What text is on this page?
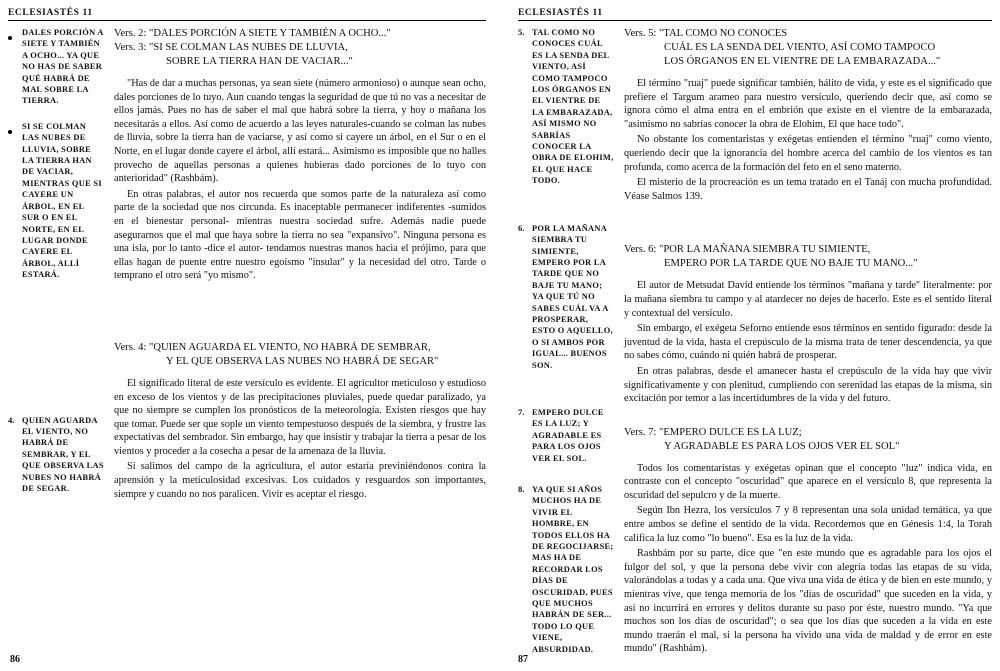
ECLESIASTÉS 11
DALES PORCIÓN A SIETE Y TAMBIÉN A OCHO... YA QUE NO HAS DE SABER QUÉ HABRÁ DE MAL SOBRE LA TIERRA.
SI SE COLMAN LAS NUBES DE LLUVIA, SOBRE LA TIERRA HAN DE VACIAR, MIENTRAS QUE SI CAYERE UN ÁRBOL, EN EL SUR O EN EL NORTE, EN EL LUGAR DONDE CAYERE EL ÁRBOL, ALLÍ ESTARÁ.
4. QUIEN AGUARDA EL VIENTO, NO HABRÁ DE SEMBRAR, Y EL QUE OBSERVA LAS NUBES NO HABRÁ DE SEGAR.
Vers. 2: "DALES PORCIÓN A SIETE Y TAMBIÉN A OCHO..."
Vers. 3: "SI SE COLMAN LAS NUBES DE LLUVIA,
SOBRE LA TIERRA HAN DE VACIAR..."

"Has de dar a muchas personas, ya sean siete (número armonioso) o aunque sean ocho, dales porciones de lo tuyo. Aun cuando tengas la seguridad de que tú no vas a necesitar de ellos jamás. Pues no has de saber el mal que habrá sobre la tierra, y hoy o mañana los necesitarás a ellos. Así como de acuerdo a las leyes naturales-cuando se colman las nubes de lluvia, sobre la tierra han de vaciarse, y así como si cayere un árbol, en el Sur o en el Norte, en el lugar donde cayere el árbol, allí estará... Asimismo es imposible que no halles provecho de aquellas personas a quienes hubieras dado porciones de lo tuyo con anterioridad" (Rashbám).

En otras palabras, el autor nos recuerda que somos parte de la naturaleza así como parte de la sociedad que nos circunda. Es inaceptable permanecer indiferentes -sumidos en el bienestar personal- mientras nuestra sociedad sufre. Además nadie puede asegurarnos que el mal que haya sobre la tierra no sea "expansivo". Ninguna persona es una isla, por lo tanto -dice el autor- tendamos nuestras manos hacia el prójimo, para que ellas hagan de puente entre nuestro egoísmo "insular" y la necesidad del otro. Tarde o temprano el otro será "yo mismo".

Vers. 4: "QUIEN AGUARDA EL VIENTO, NO HABRÁ DE SEMBRAR,
Y EL QUE OBSERVA LAS NUBES NO HABRÁ DE SEGAR"

El significado literal de este versículo es evidente. El agricultor meticuloso y estudioso en exceso de los vientos y de las precipitaciones pluviales, puede quedar paralizado, ya que no siempre se cumplen los pronósticos de la meteorología. Existen riesgos que hay que tomar. Puede ser que sople un viento tempestuoso después de la siembra, y frustre las expectativas del sembrador. Sin embargo, hay que insistir y trabajar la tierra a pesar de los vientos y proceder a la cosecha a pesar de la amenaza de la lluvia.

Si salimos del campo de la agricultura, el autor estaría previniéndonos contra la aprensión y la meticulosidad excesivas. Los cuidados y resguardos son importantes, siempre y cuando no nos paralicen. Vivir es aceptar el riesgo.

86
ECLESIASTÉS 11
5. TAL COMO NO CONOCES CUÁL ES LA SENDA DEL VIENTO, ASÍ COMO TAMPOCO LOS ÓRGANOS EN EL VIENTRE DE LA EMBARAZADA, ASÍ MISMO NO SABRÍAS CONOCER LA OBRA DE ELOHIM, EL QUE HACE TODO.
6. POR LA MAÑANA SIEMBRA TU SIMIENTE, EMPERO POR LA TARDE QUE NO BAJE TU MANO; YA QUE TÚ NO SABES CUÁL VA A PROSPERAR, ESTO O AQUELLO, O SI AMBOS POR IGUAL... BUENOS SON.
7. EMPERO DULCE ES LA LUZ; Y AGRADABLE ES PARA LOS OJOS VER EL SOL.
8. YA QUE SI AÑOS MUCHOS HA DE VIVIR EL HOMBRE, EN TODOS ELLOS HA DE REGOCIJARSE; MAS HA DE RECORDAR LOS DÍAS DE OSCURIDAD, PUES QUE MUCHOS HABRÁN DE SER... TODO LO QUE VIENE, ABSURDIDAD.
Vers. 5: "TAL COMO NO CONOCES
CUÁL ES LA SENDA DEL VIENTO, ASÍ COMO TAMPOCO
LOS ÓRGANOS EN EL VIENTRE DE LA EMBARAZADA..."

El término "ruaj" puede significar también, hálito de vida, y este es el significado que prefiere el Targum arameo para nuestro versículo, queriendo decir que, así como se ignora cómo el alma entra en el embrión que existe en el vientre de la embarazada, "asimismo no sabrías conocer la obra de Elohim, El que hace todo".

No obstante los comentaristas y exégetas entienden el término "ruaj" como viento, queriendo decir que la ignorancia del hombre acerca del cambio de los vientos es tan profunda, como acerca de la formación del feto en el seno materno.

El misterio de la procreación es un tema tratado en el Tanáj con mucha profundidad. Véase Salmos 139.

Vers. 6: "POR LA MAÑANA SIEMBRA TU SIMIENTE,
EMPERO POR LA TARDE QUE NO BAJE TU MANO..."

El autor de Metsudat David entiende los términos "mañana y tarde" literalmente: por la mañana siembra tu campo y al atardecer no dejes de hacerlo. Este es el sentido literal y contextual del versículo.

Sin embargo, el exégeta Seforno entiende esos términos en sentido figurado: desde la juventud de la vida, hasta el crepúsculo de la misma trata de tener descendencia, ya que no sabes cómo, cuándo ni quién habrá de prosperar.

En otras palabras, desde el amanecer hasta el crepúsculo de la vida hay que vivir significativamente y con plenitud, cumpliendo con serenidad las etapas de la misma, sin excitación por temor a las incertidumbres de la vida y del futuro.

Vers. 7: "EMPERO DULCE ES LA LUZ;
Y AGRADABLE ES PARA LOS OJOS VER EL SOL"

Todos los comentaristas y exégetas opinan que el concepto "luz" indica vida, en contraste con el concepto "oscuridad" que aparece en el versículo 8, que representa la oscuridad del sepulcro y de la muerte.

Según Ibn Hezra, los versículos 7 y 8 representan una sola unidad temática, ya que entre ambos se define el sentido de la vida. Recordemos que en Génesis 1:4, la Torah califica la luz como "lo bueno". Esa es la luz de la vida.

Rashbám por su parte, dice que "en este mundo que es agradable para los ojos el fulgor del sol, y que la persona debe vivir con alegría todas las etapas de su vida, valorándolas a todas y a cada una. Que viva una vida de ética y de bien en este mundo, y mientras vive, que tenga memoria de los "días de oscuridad" que suceden en la vida, y así no incurrirá en errores y delitos durante su paso por éste, nuestro mundo. "Ya que muchos son los días de oscuridad"; o sea que los días que suceden a la vida en este mundo traerán el mal, si la persona ha vivido una vida de maldad y de error en este mundo" (Rashbám).

87
